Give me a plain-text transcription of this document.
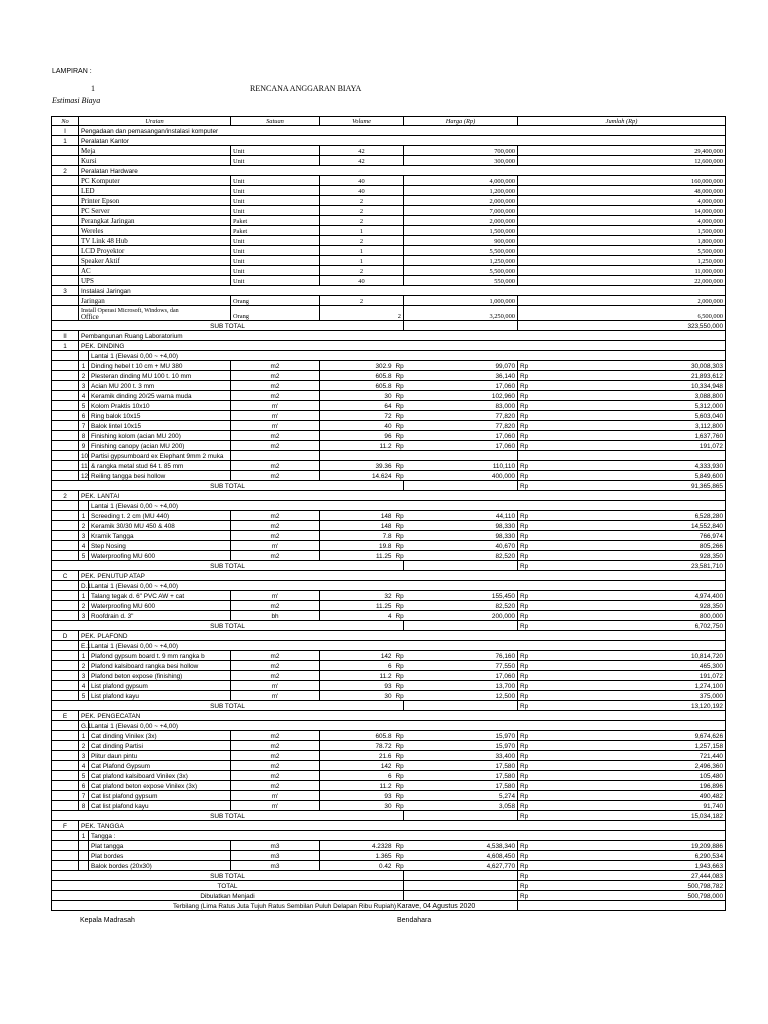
LAMPIRAN :
1	RENCANA ANGGARAN BIAYA
Estimasi Biaya
No	Uraian		Satuan	Volume		Harga (Rp)	Jumlah (Rp)	
I	Pengadaan dan pemasangan/instalasi komputer							
1	Peralatan Kantor							
	Meja		Unit	42		700,000	29,400,000	
	Kursi		Unit	42		300,000	12,600,000	
2	Peralatan Hardware							
	PC Komputer		Unit	40		4,000,000	160,000,000	
	LED		Unit	40		1,200,000	48,000,000	
	Printer Epson		Unit	2		2,000,000	4,000,000	
	PC Server		Unit	2		7,000,000	14,000,000	
	Perangkat Jaringan		Paket	2		2,000,000	4,000,000	
	Wereles		Paket	1		1,500,000	1,500,000	
	TV Link 48 Hub		Unit	2		900,000	1,800,000	
	LCD Proyektor		Unit	1		5,500,000	5,500,000	
	Speaker Aktif		Unit	1		1,250,000	1,250,000	
	AC		Unit	2		5,500,000	11,000,000	
	UPS		Unit	40		550,000	22,000,000	
3	Instalasi Jaringan							
	Jaringan		Orang	2		1,000,000	2,000,000	

	Install Operasi Microsoft, Windows, dan
Office		Orang	2		3,250,000	6,500,000	
SUB TOTAL								323,550,000
II	Pembangunan Ruang Laboratorium							
1	PEK. DINDING							
		Lantai 1 (Elevasi 0,00 ~ +4,00)						
	1	Dinding hebel t 10 cm + MU 380	m2	302.9	Rp	99,070	Rp	30,008,303
	2	Plesteran dinding MU 100 t. 10 mm	m2	605.8	Rp	36,140	Rp	21,893,612
	3	Acian MU 200 t. 3 mm	m2	605.8	Rp	17,060	Rp	10,334,948
	4	Keramik dinding 20/25 warna muda	m2	30	Rp	102,960	Rp	3,088,800
	5	Kolom Praktis 10x10	m'	64	Rp	83,000	Rp	5,312,000
	6	Ring balok 10x15	m'	72	Rp	77,820	Rp	5,603,040
	7	Balok lintel 10x15	m'	40	Rp	77,820	Rp	3,112,800
	8	Finishing kolom (acian MU 200)	m2	96	Rp	17,060	Rp	1,637,760
	9	Finishing canopy (acian MU 200)	m2	11.2	Rp	17,060	Rp	191,072
	10	Partisi gypsumboard ex Elephant 9mm 2 muka						
	11	& rangka metal stud 64 t. 85 mm	m2	39.36	Rp	110,110	Rp	4,333,930
	12	Reiling tangga besi hollow	m2	14.624	Rp	400,000	Rp	5,849,600
SUB TOTAL							Rp	91,365,865
2	PEK. LANTAI							
		Lantai 1 (Elevasi 0,00 ~ +4,00)						
	1	Screeding t. 2 cm (MU 440)	m2	148	Rp	44,110	Rp	6,528,280
	2	Keramik 30/30 MU 450 & 408	m2	148	Rp	98,330	Rp	14,552,840
	3	Kramik Tangga	m2	7.8	Rp	98,330	Rp	766,974
	4	Step Nosing	m'	19.8	Rp	40,670	Rp	805,266
	5	Waterproofing MU 600	m2	11.25	Rp	82,520	Rp	928,350
SUB TOTAL							Rp	23,581,710
C	PEK. PENUTUP ATAP							
	D.1	Lantai 1 (Elevasi 0,00 ~ +4,00)						
	1	Talang tegak d. 6" PVC AW + cat	m'	32	Rp	155,450	Rp	4,974,400
	2	Waterproofing MU 600	m2	11.25	Rp	82,520	Rp	928,350
	3	Roofdrain d. 3"	bh	4	Rp	200,000	Rp	800,000
SUB TOTAL							Rp	6,702,750
D	PEK. PLAFOND							
	E.1	Lantai 1 (Elevasi 0,00 ~ +4,00)						
	1	Plafond gypsum board t. 9 mm rangka b	m2	142	Rp	76,160	Rp	10,814,720
	2	Plafond kalsiboard rangka besi hollow	m2	6	Rp	77,550	Rp	465,300
	3	Plafond beton expose (finishing)	m2	11.2	Rp	17,060	Rp	191,072
	4	List plafond gypsum	m'	93	Rp	13,700	Rp	1,274,100
	5	List plafond kayu	m'	30	Rp	12,500	Rp	375,000
SUB TOTAL							Rp	13,120,192
E	PEK. PENGECATAN							
	G.1	Lantai 1 (Elevasi 0,00 ~ +4,00)						
	1	Cat dinding Vinilex (3x)	m2	605.8	Rp	15,970	Rp	9,674,626
	2	Cat dinding Partisi	m2	78.72	Rp	15,970	Rp	1,257,158
	3	Plitur daun pintu	m2	21.6	Rp	33,400	Rp	721,440
	4	Cat Plafond Gypsum	m2	142	Rp	17,580	Rp	2,496,360
	5	Cat plafond kalsiboard Vinilex (3x)	m2	6	Rp	17,580	Rp	105,480
	6	Cat plafond beton expose Vinilex (3x)	m2	11.2	Rp	17,580	Rp	196,896
	7	Cat list plafond gypsum	m'	93	Rp	5,274	Rp	490,482
	8	Cat list plafond kayu	m'	30	Rp	3,058	Rp	91,740
SUB TOTAL							Rp	15,034,182
F	PEK. TANGGA							
	1	Tangga :						
		Plat tangga	m3	4.2328	Rp	4,538,340	Rp	19,209,886
		Plat bordes	m3	1.365	Rp	4,608,450	Rp	6,290,534
		Balok bordes (20x30)	m3	0.42	Rp	4,627,770	Rp	1,943,663
SUB TOTAL							Rp	27,444,083
TOTAL							Rp	500,798,782
Dibulatkan Menjadi							Rp	500,798,000
Terbilang (Lima Ratus Juta Tujuh Ratus Sembilan Puluh Delapan Ribu Rupiah)								Karave, 04 Agustus 2020
Kepala Madrasah	Bendahara
